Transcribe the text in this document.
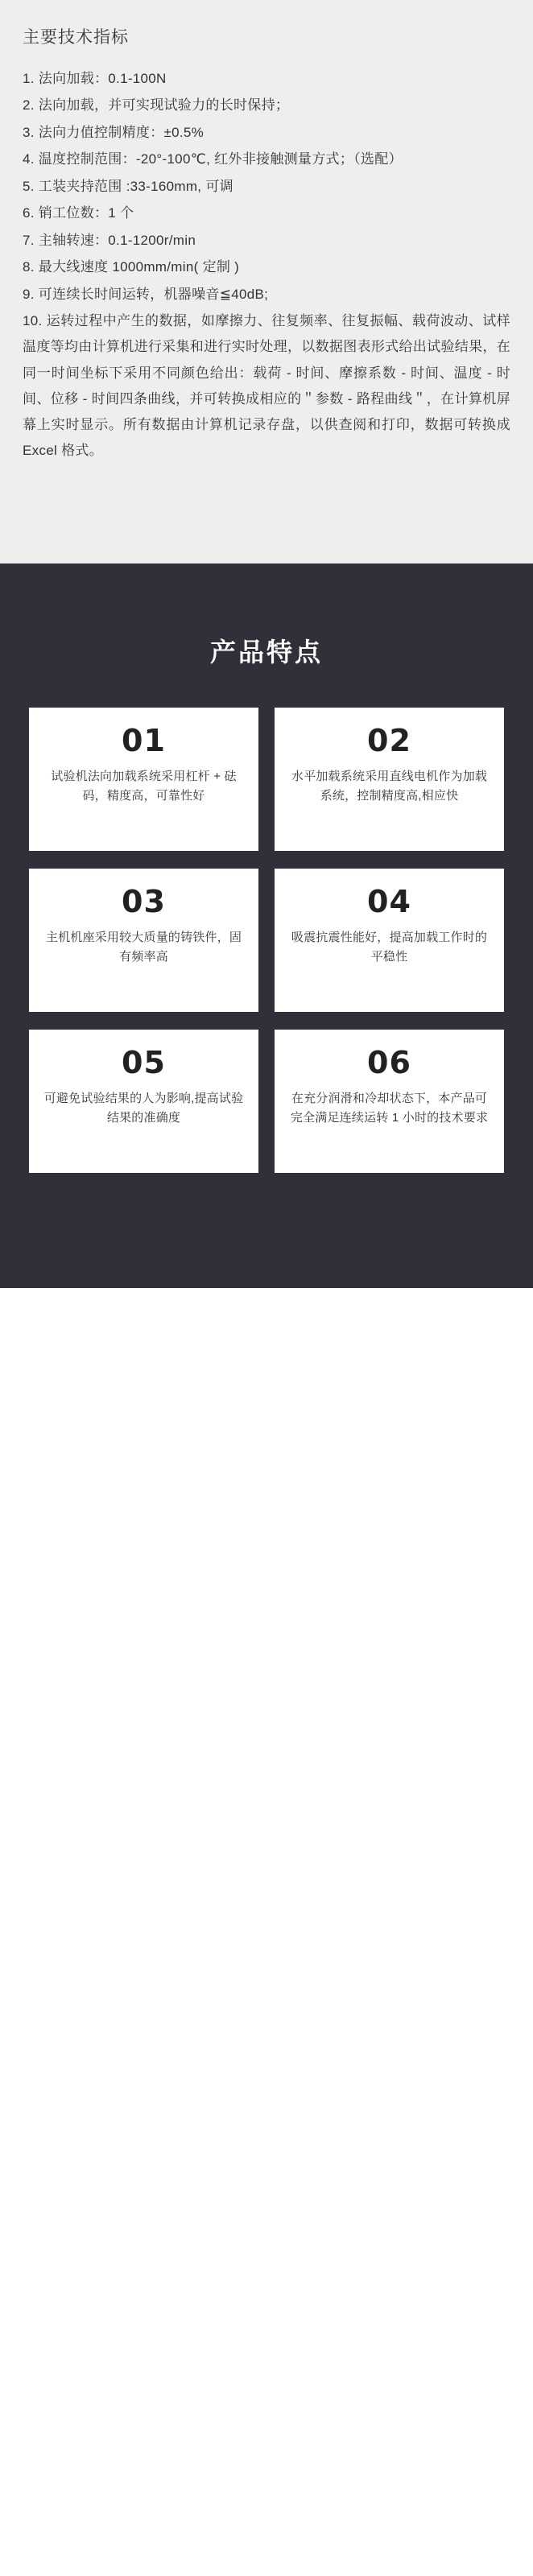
主要技术指标
1. 法向加载：0.1-100N
2. 法向加载，并可实现试验力的长时保持；
3. 法向力值控制精度：±0.5%
4. 温度控制范围：-20°-100℃, 红外非接触测量方式；（选配）
5. 工装夹持范围 :33-160mm, 可调
6. 销工位数：1 个
7. 主轴转速：0.1-1200r/min
8. 最大线速度 1000mm/min( 定制 )
9. 可连续长时间运转，机器噪音≦40dB;
10. 运转过程中产生的数据，如摩擦力、往复频率、往复振幅、载荷波动、试样温度等均由计算机进行采集和进行实时处理，以数据图表形式给出试验结果，在同一时间坐标下采用不同颜色给出：载荷 - 时间、摩擦系数 - 时间、温度 - 时间、位移 - 时间四条曲线，并可转换成相应的＂参数 - 路程曲线＂，在计算机屏幕上实时显示。所有数据由计算机记录存盘，以供查阅和打印，数据可转换成 Excel 格式。
产品特点
01
试验机法向加载系统采用杠杆 + 砝码，精度高，可靠性好
02
水平加载系统采用直线电机作为加载系统，控制精度高,相应快
03
主机机座采用较大质量的铸铁件，固有频率高
04
吸震抗震性能好，提高加载工作时的平稳性
05
可避免试验结果的人为影响,提高试验结果的准确度
06
在充分润滑和冷却状态下，本产品可完全满足连续运转 1 小时的技术要求
